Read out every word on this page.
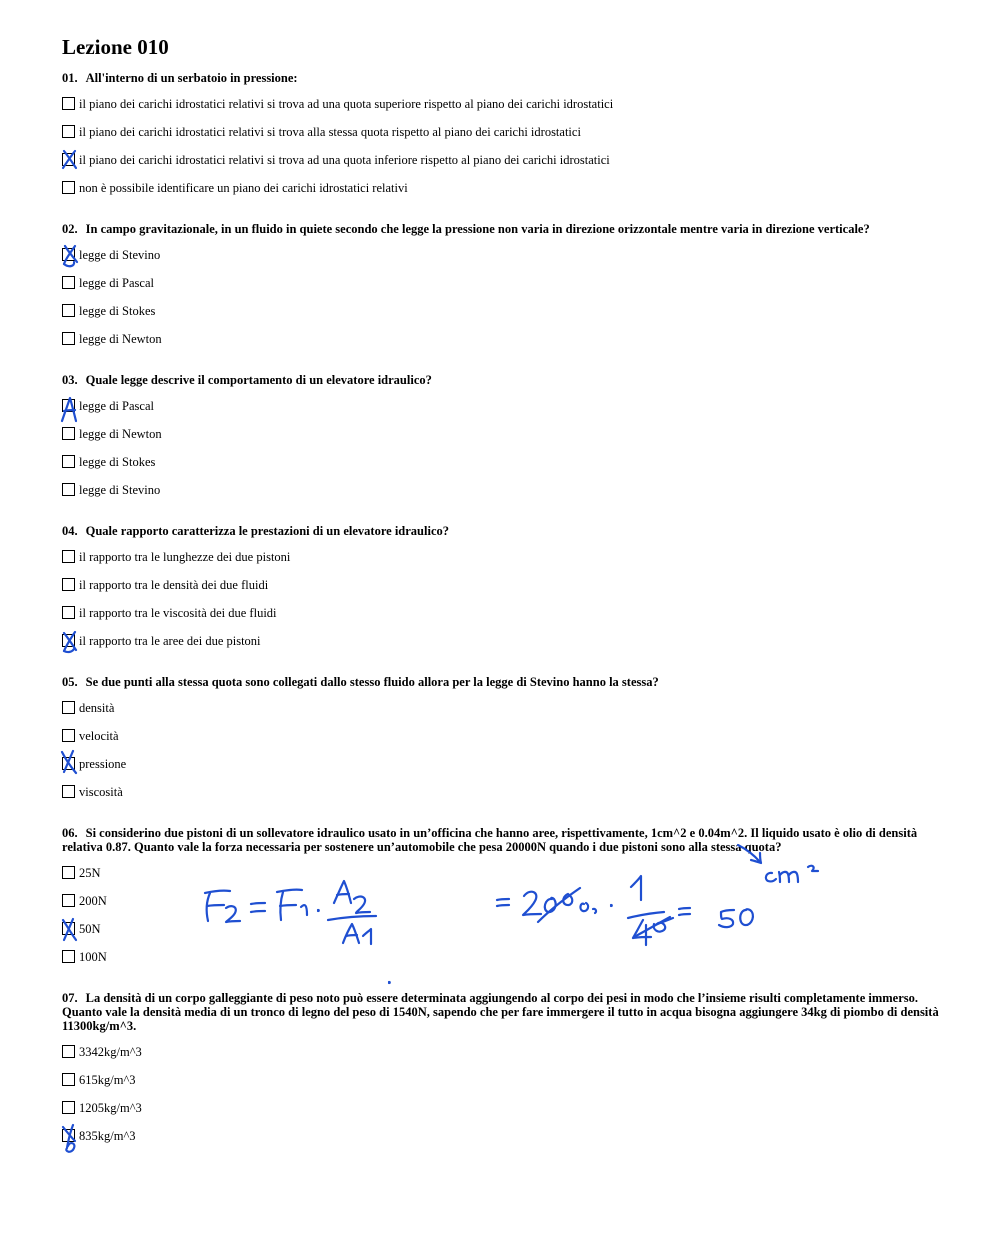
Lezione 010

01. All'interno di un serbatoio in pressione:

il piano dei carichi idrostatici relativi si trova ad una quota superiore rispetto al piano dei carichi idrostatici
il piano dei carichi idrostatici relativi si trova alla stessa quota rispetto al piano dei carichi idrostatici
il piano dei carichi idrostatici relativi si trova ad una quota inferiore rispetto al piano dei carichi idrostatici
non è possibile identificare un piano dei carichi idrostatici relativi

02. In campo gravitazionale, in un fluido in quiete secondo che legge la pressione non varia in direzione orizzontale mentre varia in direzione verticale?

legge di Stevino
legge di Pascal
legge di Stokes
legge di Newton

03. Quale legge descrive il comportamento di un elevatore idraulico?

legge di Pascal
legge di Newton
legge di Stokes
legge di Stevino

04. Quale rapporto caratterizza le prestazioni di un elevatore idraulico?

il rapporto tra le lunghezze dei due pistoni
il rapporto tra le densità dei due fluidi
il rapporto tra le viscosità dei due fluidi
il rapporto tra le aree dei due pistoni

05. Se due punti alla stessa quota sono collegati dallo stesso fluido allora per la legge di Stevino hanno la stessa?

densità
velocità
pressione
viscosità

06. Si considerino due pistoni di un sollevatore idraulico usato in un’officina che hanno aree, rispettivamente, 1cm^2 e 0.04m^2. Il liquido usato è olio di densità relativa 0.87. Quanto vale la forza necessaria per sostenere un’automobile che pesa 20000N quando i due pistoni sono alla stessa quota?

25N
200N
50N
100N

07. La densità di un corpo galleggiante di peso noto può essere determinata aggiungendo al corpo dei pesi in modo che l’insieme risulti completamente immerso. Quanto vale la densità media di un tronco di legno del peso di 1540N, sapendo che per fare immergere il tutto in acqua bisogna aggiungere 34kg di piombo di densità 11300kg/m^3.

3342kg/m^3
615kg/m^3
1205kg/m^3
835kg/m^3
